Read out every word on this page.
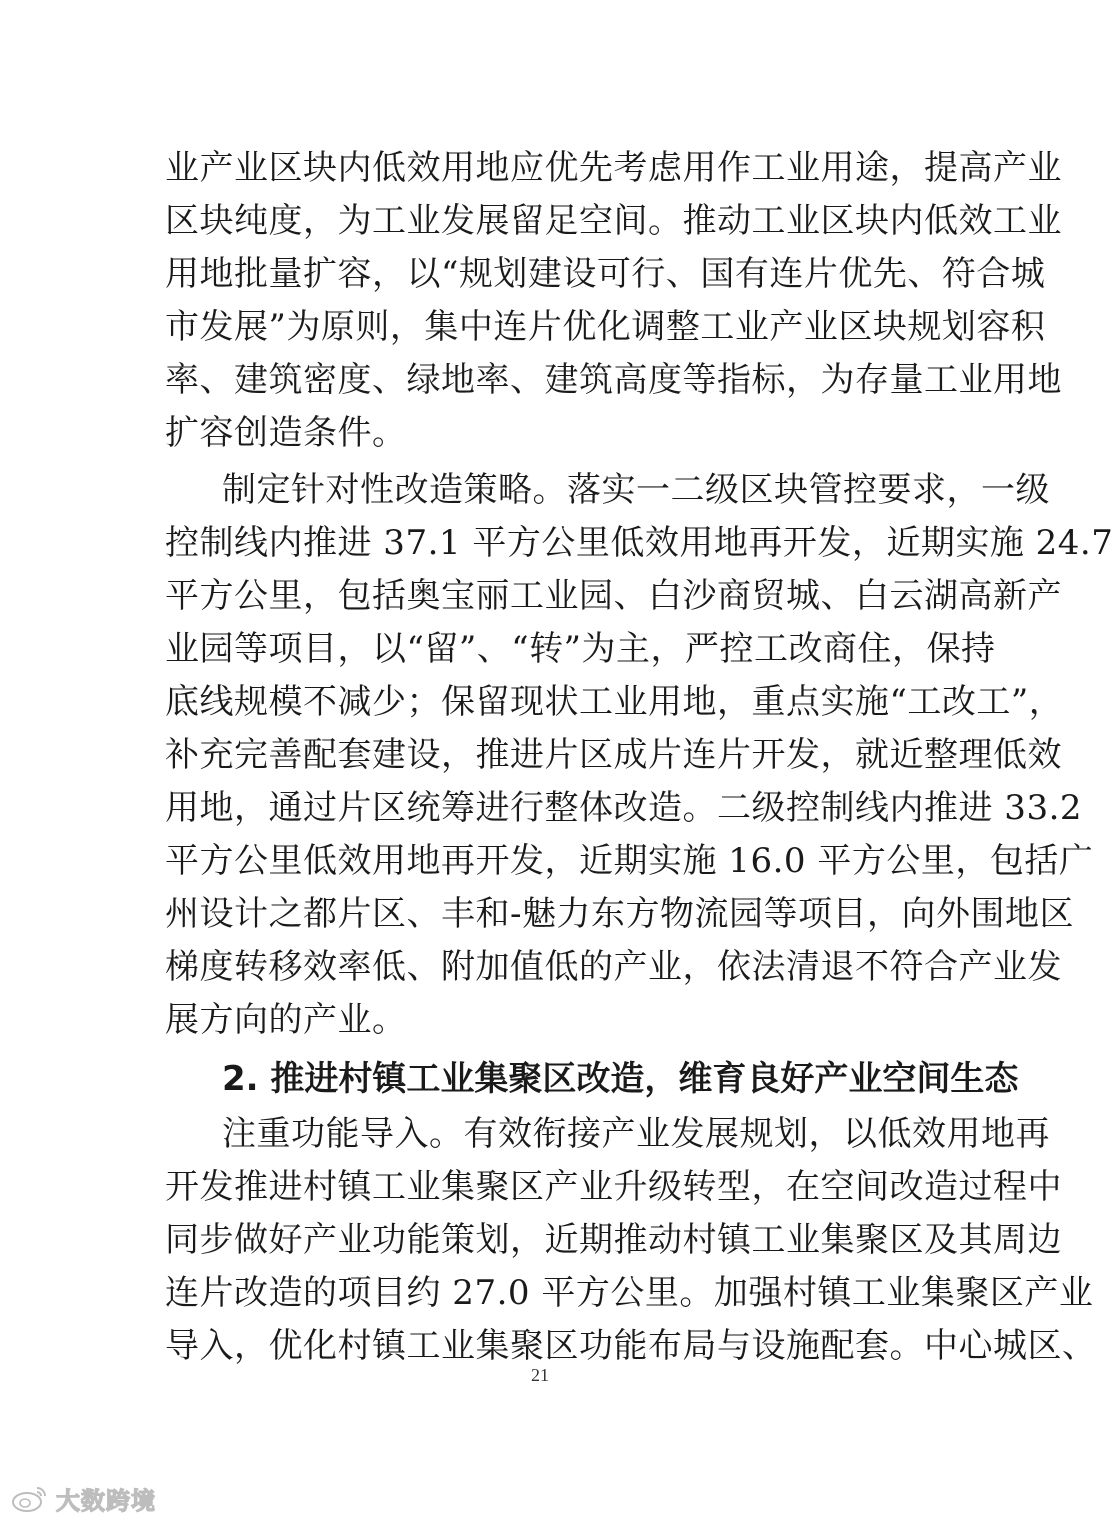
业产业区块内低效用地应优先考虑用作工业用途，提高产业
区块纯度，为工业发展留足空间。推动工业区块内低效工业
用地批量扩容，以“规划建设可行、国有连片优先、符合城
市发展”为原则，集中连片优化调整工业产业区块规划容积
率、建筑密度、绿地率、建筑高度等指标，为存量工业用地
扩容创造条件。
制定针对性改造策略。落实一二级区块管控要求，一级
控制线内推进 37.1 平方公里低效用地再开发，近期实施 24.7
平方公里，包括奥宝丽工业园、白沙商贸城、白云湖高新产
业园等项目，以“留”、“转”为主，严控工改商住，保持
底线规模不减少；保留现状工业用地，重点实施“工改工”，
补充完善配套建设，推进片区成片连片开发，就近整理低效
用地，通过片区统筹进行整体改造。二级控制线内推进 33.2
平方公里低效用地再开发，近期实施 16.0 平方公里，包括广
州设计之都片区、丰和-魅力东方物流园等项目，向外围地区
梯度转移效率低、附加值低的产业，依法清退不符合产业发
展方向的产业。
2. 推进村镇工业集聚区改造，维育良好产业空间生态
注重功能导入。有效衔接产业发展规划，以低效用地再
开发推进村镇工业集聚区产业升级转型，在空间改造过程中
同步做好产业功能策划，近期推动村镇工业集聚区及其周边
连片改造的项目约 27.0 平方公里。加强村镇工业集聚区产业
导入，优化村镇工业集聚区功能布局与设施配套。中心城区、
21
大数跨境
